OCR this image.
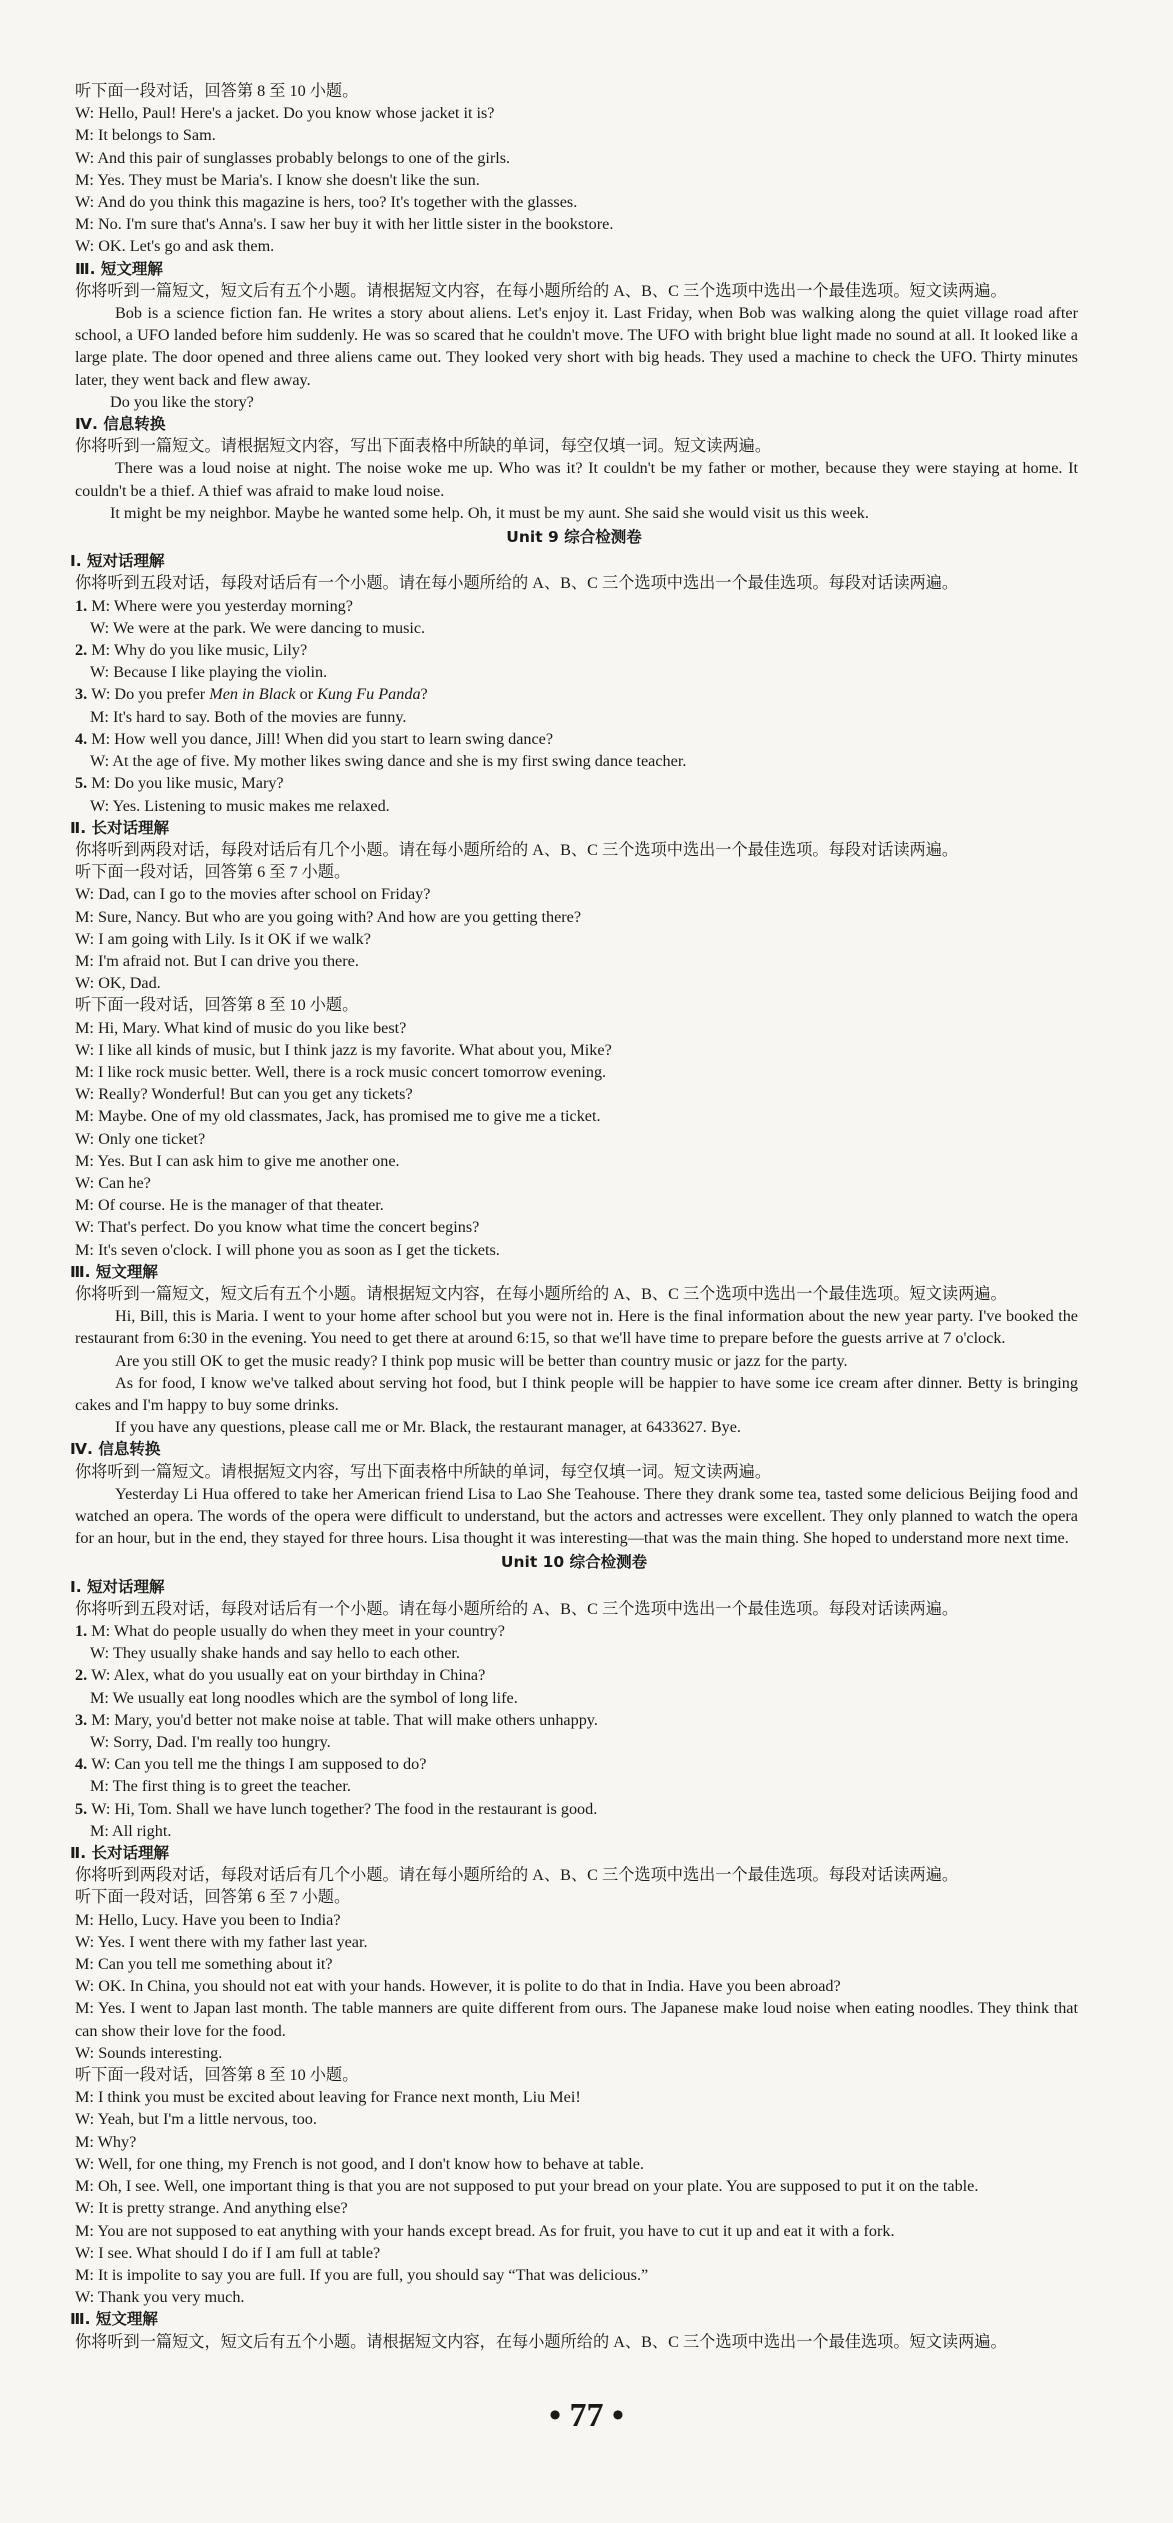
听下面一段对话，回答第 8 至 10 小题。
W: Hello, Paul! Here's a jacket. Do you know whose jacket it is?
M: It belongs to Sam.
W: And this pair of sunglasses probably belongs to one of the girls.
M: Yes. They must be Maria's. I know she doesn't like the sun.
W: And do you think this magazine is hers, too? It's together with the glasses.
M: No. I'm sure that's Anna's. I saw her buy it with her little sister in the bookstore.
W: OK. Let's go and ask them.
Ⅲ. 短文理解
你将听到一篇短文，短文后有五个小题。请根据短文内容，在每小题所给的 A、B、C 三个选项中选出一个最佳选项。短文读两遍。
Bob is a science fiction fan. He writes a story about aliens. Let's enjoy it. Last Friday, when Bob was walking along the quiet village road after school, a UFO landed before him suddenly. He was so scared that he couldn't move. The UFO with bright blue light made no sound at all. It looked like a large plate. The door opened and three aliens came out. They looked very short with big heads. They used a machine to check the UFO. Thirty minutes later, they went back and flew away.
Do you like the story?
Ⅳ. 信息转换
你将听到一篇短文。请根据短文内容，写出下面表格中所缺的单词，每空仅填一词。短文读两遍。
There was a loud noise at night. The noise woke me up. Who was it? It couldn't be my father or mother, because they were staying at home. It couldn't be a thief. A thief was afraid to make loud noise.
It might be my neighbor. Maybe he wanted some help. Oh, it must be my aunt. She said she would visit us this week.
Unit 9 综合检测卷
Ⅰ. 短对话理解
你将听到五段对话，每段对话后有一个小题。请在每小题所给的 A、B、C 三个选项中选出一个最佳选项。每段对话读两遍。
1. M: Where were you yesterday morning?
W: We were at the park. We were dancing to music.
2. M: Why do you like music, Lily?
W: Because I like playing the violin.
3. W: Do you prefer Men in Black or Kung Fu Panda?
M: It's hard to say. Both of the movies are funny.
4. M: How well you dance, Jill! When did you start to learn swing dance?
W: At the age of five. My mother likes swing dance and she is my first swing dance teacher.
5. M: Do you like music, Mary?
W: Yes. Listening to music makes me relaxed.
Ⅱ. 长对话理解
你将听到两段对话，每段对话后有几个小题。请在每小题所给的 A、B、C 三个选项中选出一个最佳选项。每段对话读两遍。
听下面一段对话，回答第 6 至 7 小题。
W: Dad, can I go to the movies after school on Friday?
M: Sure, Nancy. But who are you going with? And how are you getting there?
W: I am going with Lily. Is it OK if we walk?
M: I'm afraid not. But I can drive you there.
W: OK, Dad.
听下面一段对话，回答第 8 至 10 小题。
M: Hi, Mary. What kind of music do you like best?
W: I like all kinds of music, but I think jazz is my favorite. What about you, Mike?
M: I like rock music better. Well, there is a rock music concert tomorrow evening.
W: Really? Wonderful! But can you get any tickets?
M: Maybe. One of my old classmates, Jack, has promised me to give me a ticket.
W: Only one ticket?
M: Yes. But I can ask him to give me another one.
W: Can he?
M: Of course. He is the manager of that theater.
W: That's perfect. Do you know what time the concert begins?
M: It's seven o'clock. I will phone you as soon as I get the tickets.
Ⅲ. 短文理解
你将听到一篇短文，短文后有五个小题。请根据短文内容，在每小题所给的 A、B、C 三个选项中选出一个最佳选项。短文读两遍。
Hi, Bill, this is Maria. I went to your home after school but you were not in. Here is the final information about the new year party. I've booked the restaurant from 6:30 in the evening. You need to get there at around 6:15, so that we'll have time to prepare before the guests arrive at 7 o'clock.
Are you still OK to get the music ready? I think pop music will be better than country music or jazz for the party.
As for food, I know we've talked about serving hot food, but I think people will be happier to have some ice cream after dinner. Betty is bringing cakes and I'm happy to buy some drinks.
If you have any questions, please call me or Mr. Black, the restaurant manager, at 6433627. Bye.
Ⅳ. 信息转换
你将听到一篇短文。请根据短文内容，写出下面表格中所缺的单词，每空仅填一词。短文读两遍。
Yesterday Li Hua offered to take her American friend Lisa to Lao She Teahouse. There they drank some tea, tasted some delicious Beijing food and watched an opera. The words of the opera were difficult to understand, but the actors and actresses were excellent. They only planned to watch the opera for an hour, but in the end, they stayed for three hours. Lisa thought it was interesting—that was the main thing. She hoped to understand more next time.
Unit 10 综合检测卷
Ⅰ. 短对话理解
你将听到五段对话，每段对话后有一个小题。请在每小题所给的 A、B、C 三个选项中选出一个最佳选项。每段对话读两遍。
1. M: What do people usually do when they meet in your country?
W: They usually shake hands and say hello to each other.
2. W: Alex, what do you usually eat on your birthday in China?
M: We usually eat long noodles which are the symbol of long life.
3. M: Mary, you'd better not make noise at table. That will make others unhappy.
W: Sorry, Dad. I'm really too hungry.
4. W: Can you tell me the things I am supposed to do?
M: The first thing is to greet the teacher.
5. W: Hi, Tom. Shall we have lunch together? The food in the restaurant is good.
M: All right.
Ⅱ. 长对话理解
你将听到两段对话，每段对话后有几个小题。请在每小题所给的 A、B、C 三个选项中选出一个最佳选项。每段对话读两遍。
听下面一段对话，回答第 6 至 7 小题。
M: Hello, Lucy. Have you been to India?
W: Yes. I went there with my father last year.
M: Can you tell me something about it?
W: OK. In China, you should not eat with your hands. However, it is polite to do that in India. Have you been abroad?
M: Yes. I went to Japan last month. The table manners are quite different from ours. The Japanese make loud noise when eating noodles. They think that can show their love for the food.
W: Sounds interesting.
听下面一段对话，回答第 8 至 10 小题。
M: I think you must be excited about leaving for France next month, Liu Mei!
W: Yeah, but I'm a little nervous, too.
M: Why?
W: Well, for one thing, my French is not good, and I don't know how to behave at table.
M: Oh, I see. Well, one important thing is that you are not supposed to put your bread on your plate. You are supposed to put it on the table.
W: It is pretty strange. And anything else?
M: You are not supposed to eat anything with your hands except bread. As for fruit, you have to cut it up and eat it with a fork.
W: I see. What should I do if I am full at table?
M: It is impolite to say you are full. If you are full, you should say “That was delicious.”
W: Thank you very much.
Ⅲ. 短文理解
你将听到一篇短文，短文后有五个小题。请根据短文内容，在每小题所给的 A、B、C 三个选项中选出一个最佳选项。短文读两遍。
• 77 •
